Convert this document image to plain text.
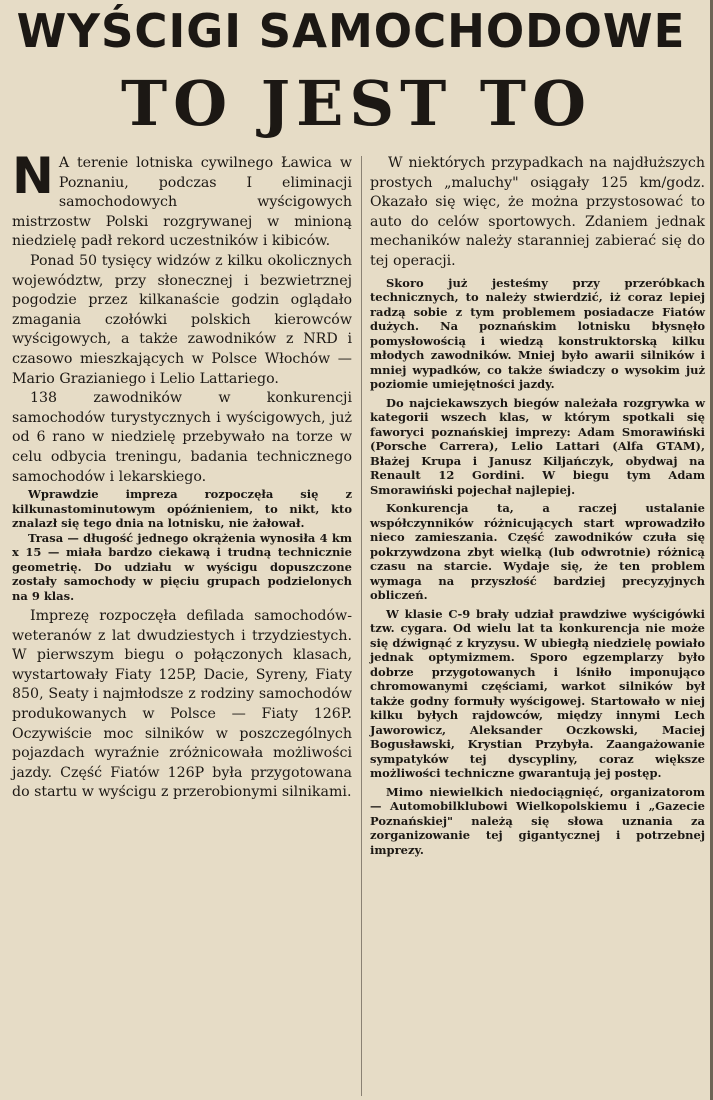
WYŚCIGI SAMOCHODOWE
TO JEST TO

N A terenie lotniska cywilnego Ławica w Poznaniu, podczas I eliminacji samochodowych wyścigowych mistrzostw Polski rozgrywanej w minioną niedzielę padł rekord uczestników i kibiców.

Ponad 50 tysięcy widzów z kilku okolicznych województw, przy słonecznej i bezwietrznej pogodzie przez kilkanaście godzin oglądało zmagania czołówki polskich kierowców wyścigowych, a także zawodników z NRD i czasowo mieszkających w Polsce Włochów — Mario Grazianiego i Lelio Lattariego.

138 zawodników w konkurencji samochodów turystycznych i wyścigowych, już od 6 rano w niedzielę przebywało na torze w celu odbycia treningu, badania technicznego samochodów i lekarskiego.

Wprawdzie impreza rozpoczęła się z kilkunastominutowym opóźnieniem, to nikt, kto znalazł się tego dnia na lotnisku, nie żałował.

Trasa — długość jednego okrążenia wynosiła 4 km x 15 — miała bardzo ciekawą i trudną technicznie geometrię. Do udziału w wyścigu dopuszczone zostały samochody w pięciu grupach podzielonych na 9 klas.

Imprezę rozpoczęła defilada samochodów-weteranów z lat dwudziestych i trzydziestych. W pierwszym biegu o połączonych klasach, wystartowały Fiaty 125P, Dacie, Syreny, Fiaty 850, Seaty i najmłodsze z rodziny samochodów produkowanych w Polsce — Fiaty 126P. Oczywiście moc silników w poszczególnych pojazdach wyraźnie zróżnicowała możliwości jazdy. Część Fiatów 126P była przygotowana do startu w wyścigu z przerobionymi silnikami.

W niektórych przypadkach na najdłuższych prostych „maluchy" osiągały 125 km/godz. Okazało się więc, że można przystosować to auto do celów sportowych. Zdaniem jednak mechaników należy staranniej zabierać się do tej operacji.

Skoro już jesteśmy przy przeróbkach technicznych, to należy stwierdzić, iż coraz lepiej radzą sobie z tym problemem posiadacze Fiatów dużych. Na poznańskim lotnisku błysnęło pomysłowością i wiedzą konstruktorską kilku młodych zawodników. Mniej było awarii silników i mniej wypadków, co także świadczy o wysokim już poziomie umiejętności jazdy.

Do najciekawszych biegów należała rozgrywka w kategorii wszech klas, w którym spotkali się faworyci poznańskiej imprezy: Adam Smorawiński (Porsche Carrera), Lelio Lattari (Alfa GTAM), Błażej Krupa i Janusz Kiljańczyk, obydwaj na Renault 12 Gordini. W biegu tym Adam Smorawiński pojechał najlepiej.

Konkurencja ta, a raczej ustalanie współczynników różnicujących start wprowadziło nieco zamieszania. Część zawodników czuła się pokrzywdzona zbyt wielką (lub odwrotnie) różnicą czasu na starcie. Wydaje się, że ten problem wymaga na przyszłość bardziej precyzyjnych obliczeń.

W klasie C-9 brały udział prawdziwe wyścigówki tzw. cygara. Od wielu lat ta konkurencja nie może się dźwignąć z kryzysu. W ubiegłą niedzielę powiało jednak optymizmem. Sporo egzemplarzy było dobrze przygotowanych i lśniło imponująco chromowanymi częściami, warkot silników był także godny formuły wyścigowej. Startowało w niej kilku byłych rajdowców, między innymi Lech Jaworowicz, Aleksander Oczkowski, Maciej Bogusławski, Krystian Przybyła. Zaangażowanie sympatyków tej dyscypliny, coraz większe możliwości techniczne gwarantują jej postęp.

Mimo niewielkich niedociągnięć, organizatorom — Automobilklubowi Wielkopolskiemu i „Gazecie Poznańskiej" należą się słowa uznania za zorganizowanie tej gigantycznej i potrzebnej imprezy.
